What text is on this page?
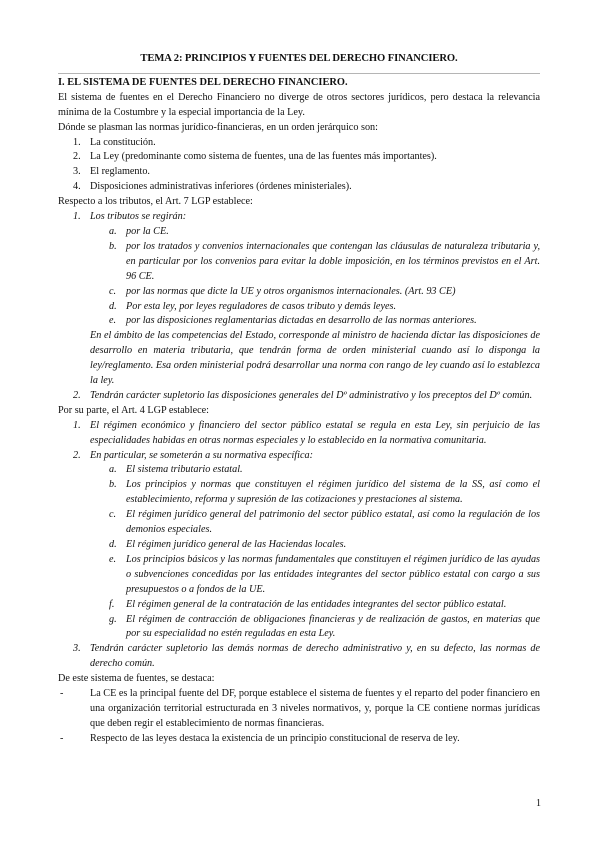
TEMA 2: PRINCIPIOS Y FUENTES DEL DERECHO FINANCIERO.
I. EL SISTEMA DE FUENTES DEL DERECHO FINANCIERO.

El sistema de fuentes en el Derecho Financiero no diverge de otros sectores jurídicos, pero destaca la relevancia mínima de la Costumbre y la especial importancia de la Ley.

Dónde se plasman las normas jurídico-financieras, en un orden jerárquico son:

1. La constitución.
2. La Ley (predominante como sistema de fuentes, una de las fuentes más importantes).
3. El reglamento.
4. Disposiciones administrativas inferiores (órdenes ministeriales).

Respecto a los tributos, el Art. 7 LGP establece:

1. Los tributos se regirán:
a. por la CE.
b. por los tratados y convenios internacionales que contengan las cláusulas de naturaleza tributaria y, en particular por los convenios para evitar la doble imposición, en los términos previstos en el Art. 96 CE.
c. por las normas que dicte la UE y otros organismos internacionales. (Art. 93 CE)
d. Por esta ley, por leyes reguladores de casos tributo y demás leyes.
e. por las disposiciones reglamentarias dictadas en desarrollo de las normas anteriores.

En el ámbito de las competencias del Estado, corresponde al ministro de hacienda dictar las disposiciones de desarrollo en materia tributaria, que tendrán forma de orden ministerial cuando así lo disponga la ley/reglamento. Esa orden ministerial podrá desarrollar una norma con rango de ley cuando así lo establezca la ley.

2. Tendrán carácter supletorio las disposiciones generales del Dº administrativo y los preceptos del Dº común.

Por su parte, el Art. 4 LGP establece:

1. El régimen económico y financiero del sector público estatal se regula en esta Ley, sin perjuicio de las especialidades habidas en otras normas especiales y lo establecido en la normativa comunitaria.
2. En particular, se someterán a su normativa específica:
a. El sistema tributario estatal.
b. Los principios y normas que constituyen el régimen jurídico del sistema de la SS, así como el establecimiento, reforma y supresión de las cotizaciones y prestaciones al sistema.
c. El régimen jurídico general del patrimonio del sector público estatal, así como la regulación de los demonios especiales.
d. El régimen jurídico general de las Haciendas locales.
e. Los principios básicos y las normas fundamentales que constituyen el régimen jurídico de las ayudas o subvenciones concedidas por las entidades integrantes del sector público estatal con cargo a sus presupuestos o a fondos de la UE.
f.	El régimen general de la contratación de las entidades integrantes del sector público estatal.
g. El régimen de contracción de obligaciones financieras y de realización de gastos, en materias que por su especialidad no estén reguladas en esta Ley.
3. Tendrán carácter supletorio las demás normas de derecho administrativo y, en su defecto, las normas de derecho común.

De este sistema de fuentes, se destaca:

-	La CE es la principal fuente del DF, porque establece el sistema de fuentes y el reparto del poder financiero en una organización territorial estructurada en 3 niveles normativos, y, porque la CE contiene normas jurídicas que deben regir el establecimiento de normas financieras.
-	Respecto de las leyes destaca la existencia de un principio constitucional de reserva de ley.
1
